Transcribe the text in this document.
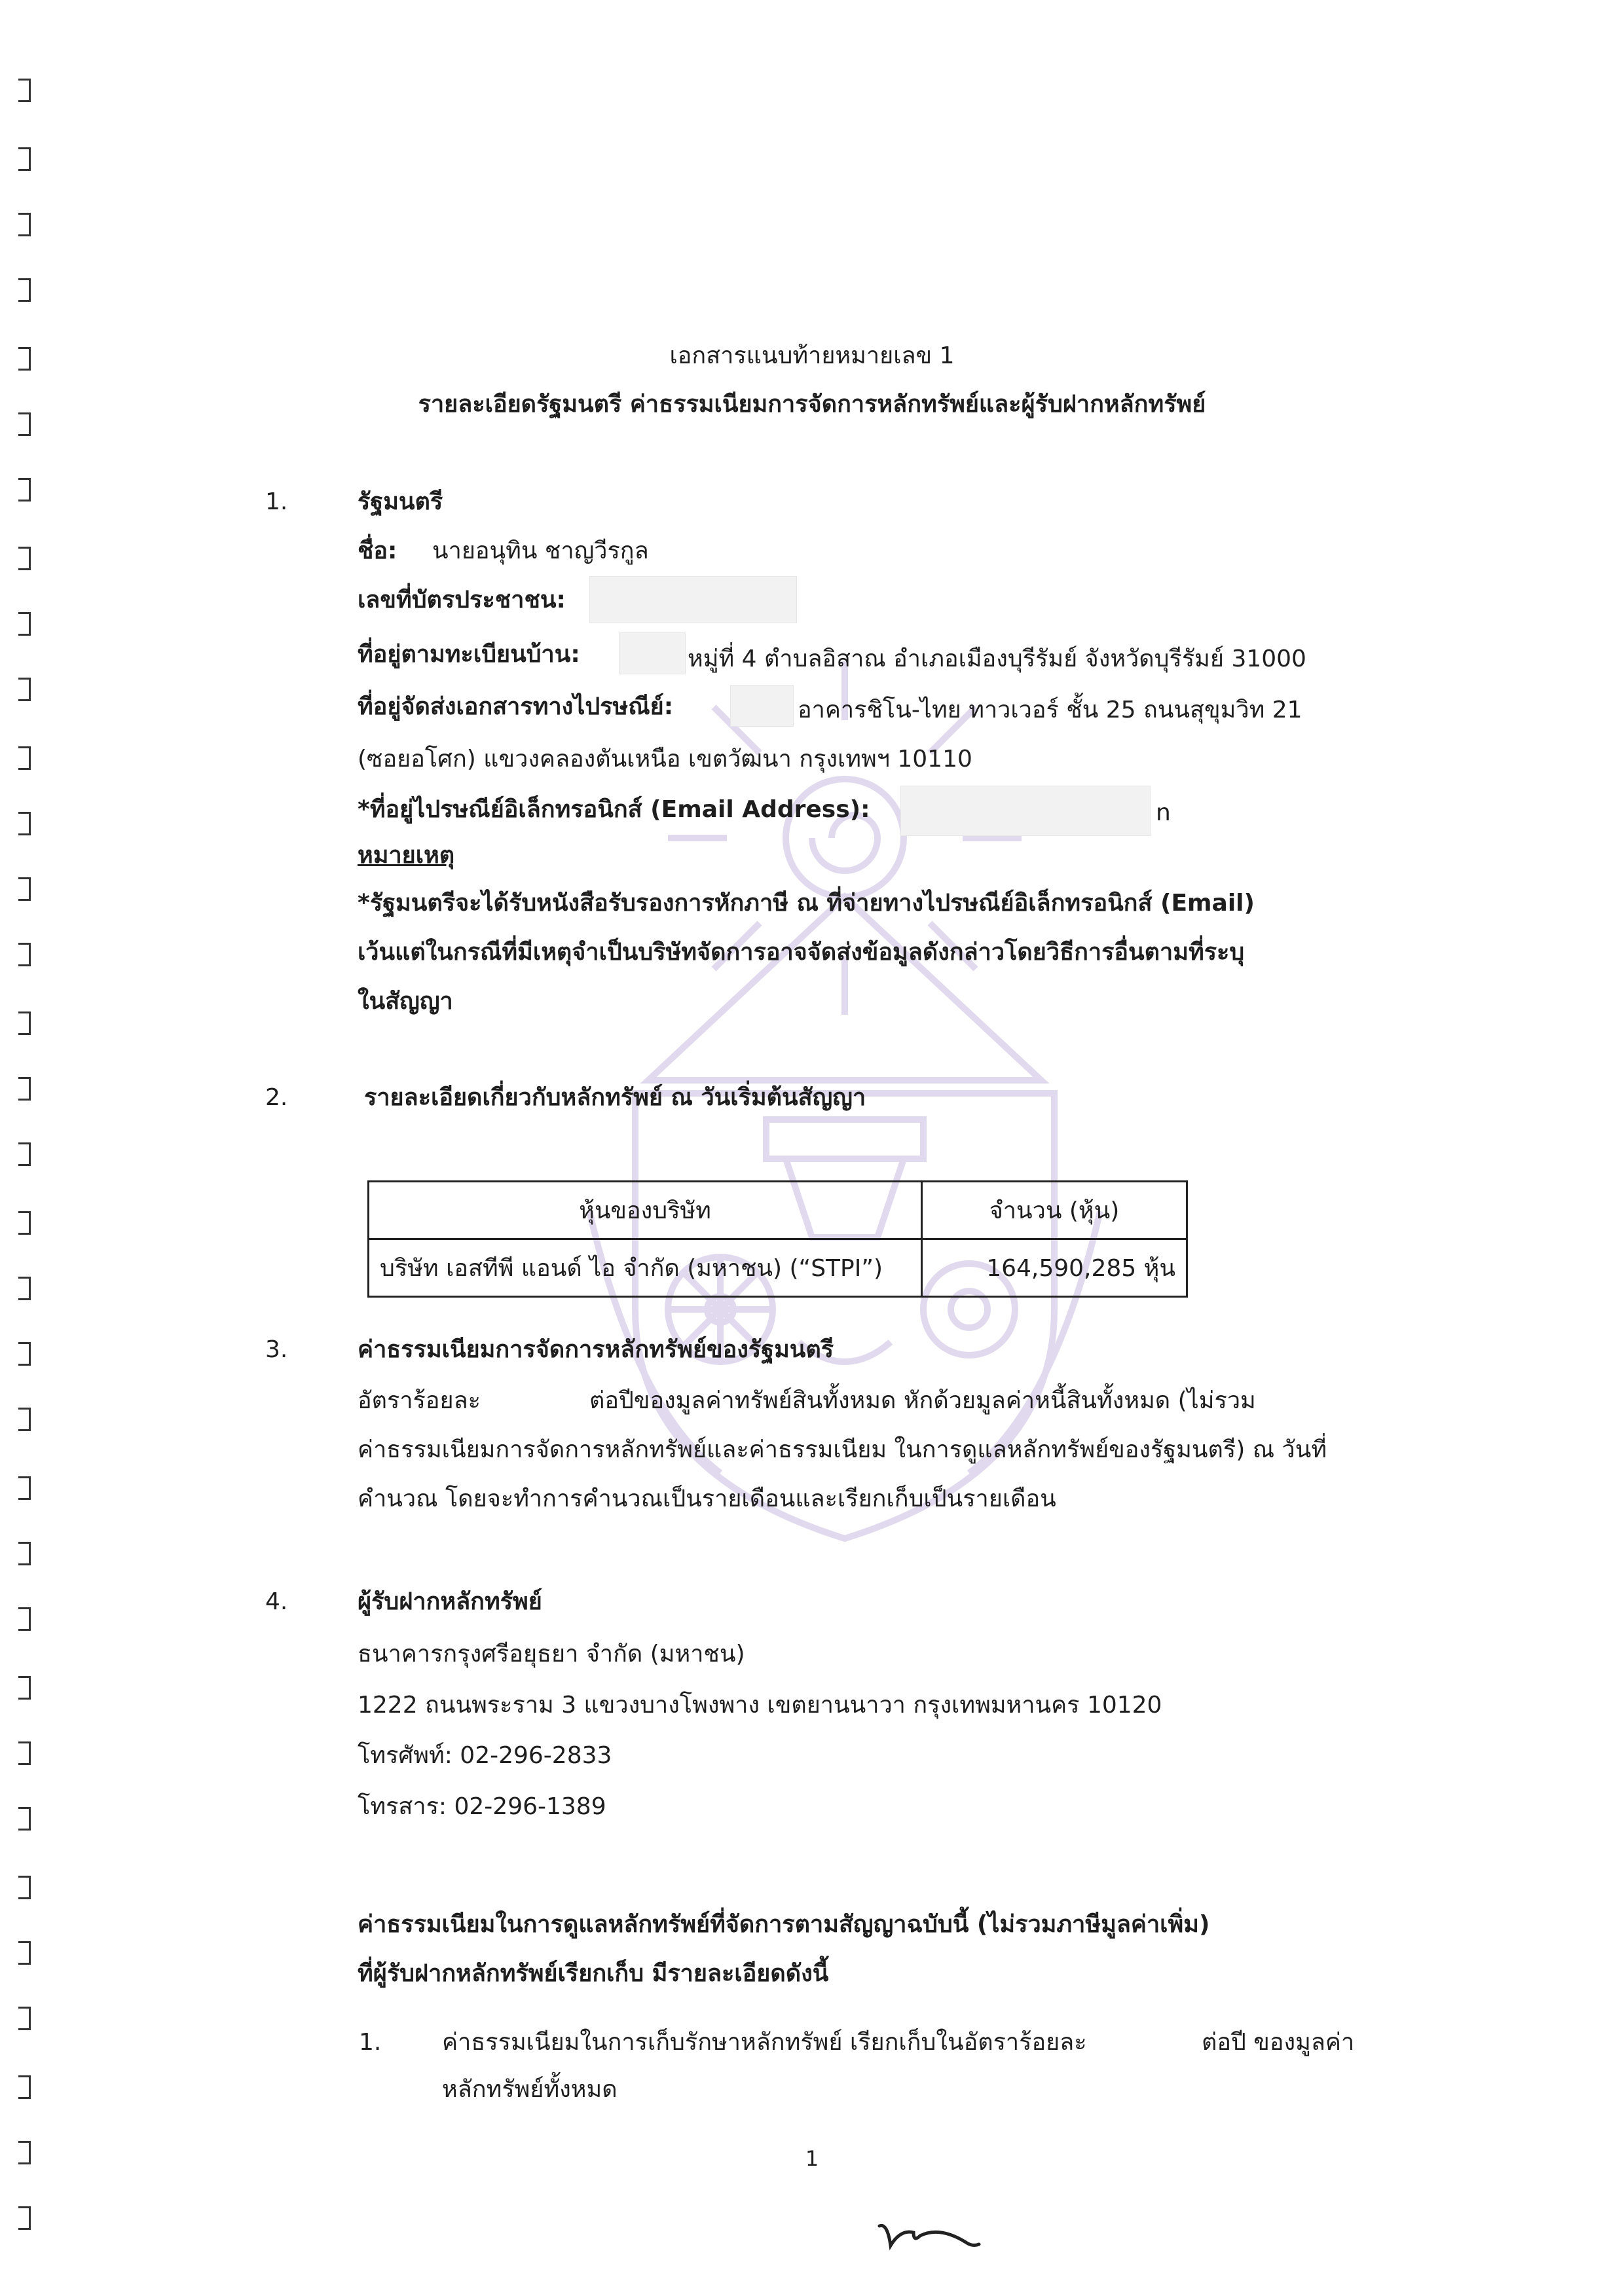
เอกสารแนบท้ายหมายเลข 1
รายละเอียดรัฐมนตรี ค่าธรรมเนียมการจัดการหลักทรัพย์และผู้รับฝากหลักทรัพย์
1.	รัฐมนตรี
ชื่อ: นายอนุทิน ชาญวีรกูล
เลขที่บัตรประชาชน:
ที่อยู่ตามทะเบียนบ้าน:	หมู่ที่ 4 ตำบลอิสาณ อำเภอเมืองบุรีรัมย์ จังหวัดบุรีรัมย์ 31000
ที่อยู่จัดส่งเอกสารทางไปรษณีย์:	อาคารชิโน-ไทย ทาวเวอร์ ชั้น 25 ถนนสุขุมวิท 21
(ซอยอโศก) แขวงคลองตันเหนือ เขตวัฒนา กรุงเทพฯ 10110
*ที่อยู่ไปรษณีย์อิเล็กทรอนิกส์ (Email Address):	n
หมายเหตุ
*รัฐมนตรีจะได้รับหนังสือรับรองการหักภาษี ณ ที่จ่ายทางไปรษณีย์อิเล็กทรอนิกส์ (Email)
เว้นแต่ในกรณีที่มีเหตุจำเป็นบริษัทจัดการอาจจัดส่งข้อมูลดังกล่าวโดยวิธีการอื่นตามที่ระบุ
ในสัญญา
2.	รายละเอียดเกี่ยวกับหลักทรัพย์ ณ วันเริ่มต้นสัญญา
หุ้นของบริษัท	จำนวน (หุ้น)
บริษัท เอสทีพี แอนด์ ไอ จำกัด (มหาชน) (“STPI”)	164,590,285 หุ้น
3.	ค่าธรรมเนียมการจัดการหลักทรัพย์ของรัฐมนตรี
อัตราร้อยละ	ต่อปีของมูลค่าทรัพย์สินทั้งหมด หักด้วยมูลค่าหนี้สินทั้งหมด (ไม่รวม
ค่าธรรมเนียมการจัดการหลักทรัพย์และค่าธรรมเนียม ในการดูแลหลักทรัพย์ของรัฐมนตรี) ณ วันที่
คำนวณ โดยจะทำการคำนวณเป็นรายเดือนและเรียกเก็บเป็นรายเดือน
4.	ผู้รับฝากหลักทรัพย์
ธนาคารกรุงศรีอยุธยา จำกัด (มหาชน)
1222 ถนนพระราม 3 แขวงบางโพงพาง เขตยานนาวา กรุงเทพมหานคร 10120
โทรศัพท์: 02-296-2833
โทรสาร: 02-296-1389
ค่าธรรมเนียมในการดูแลหลักทรัพย์ที่จัดการตามสัญญาฉบับนี้ (ไม่รวมภาษีมูลค่าเพิ่ม)
ที่ผู้รับฝากหลักทรัพย์เรียกเก็บ มีรายละเอียดดังนี้
1.	ค่าธรรมเนียมในการเก็บรักษาหลักทรัพย์ เรียกเก็บในอัตราร้อยละ	ต่อปี ของมูลค่า
หลักทรัพย์ทั้งหมด
1
